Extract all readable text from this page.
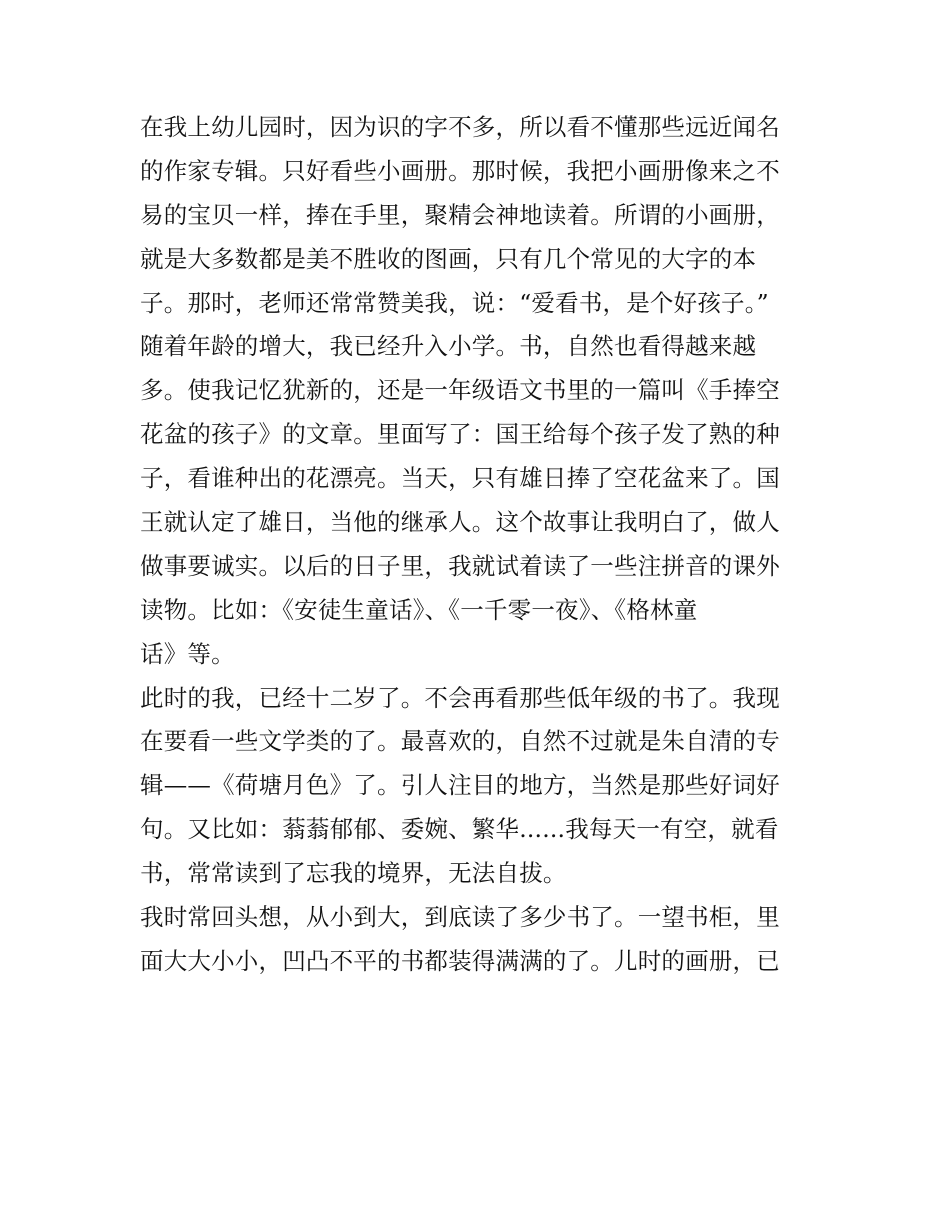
在我上幼儿园时，因为识的字不多，所以看不懂那些远近闻名
的作家专辑。只好看些小画册。那时候，我把小画册像来之不
易的宝贝一样，捧在手里，聚精会神地读着。所谓的小画册，
就是大多数都是美不胜收的图画，只有几个常见的大字的本
子。那时，老师还常常赞美我，说：“爱看书，是个好孩子。”
随着年龄的增大，我已经升入小学。书，自然也看得越来越
多。使我记忆犹新的，还是一年级语文书里的一篇叫《手捧空
花盆的孩子》的文章。里面写了：国王给每个孩子发了熟的种
子，看谁种出的花漂亮。当天，只有雄日捧了空花盆来了。国
王就认定了雄日，当他的继承人。这个故事让我明白了，做人
做事要诚实。以后的日子里，我就试着读了一些注拼音的课外
读物。比如：《安徒生童话》、《一千零一夜》、《格林童
话》等。
此时的我，已经十二岁了。不会再看那些低年级的书了。我现
在要看一些文学类的了。最喜欢的，自然不过就是朱自清的专
辑——《荷塘月色》了。引人注目的地方，当然是那些好词好
句。又比如：蓊蓊郁郁、委婉、繁华......我每天一有空，就看
书，常常读到了忘我的境界，无法自拔。
我时常回头想，从小到大，到底读了多少书了。一望书柜，里
面大大小小，凹凸不平的书都装得满满的了。儿时的画册，已
